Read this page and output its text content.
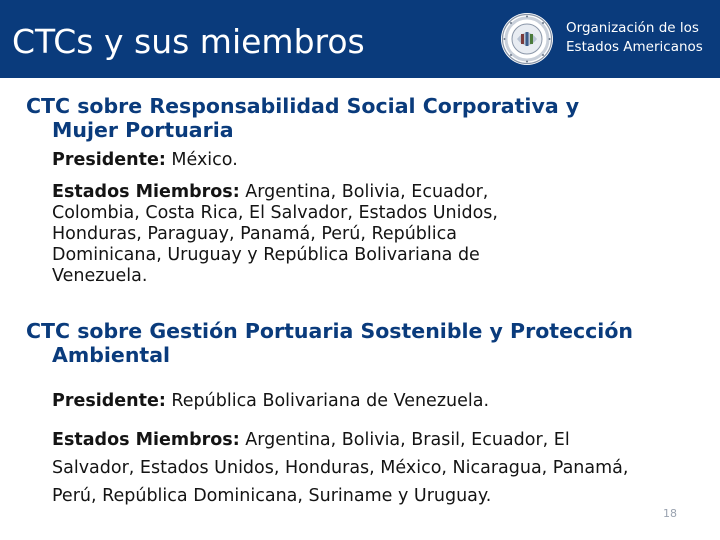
CTCs y sus miembros	Organización de los
Estados Americanos
CTC sobre Responsabilidad Social Corporativa y Mujer Portuaria

Presidente: México.

Estados Miembros: Argentina, Bolivia, Ecuador, Colombia, Costa Rica, El Salvador, Estados Unidos, Honduras, Paraguay, Panamá, Perú, República Dominicana, Uruguay y República Bolivariana de Venezuela.

CTC sobre Gestión Portuaria Sostenible y Protección Ambiental

Presidente: República Bolivariana de Venezuela.

Estados Miembros: Argentina, Bolivia, Brasil, Ecuador, El Salvador, Estados Unidos, Honduras, México, Nicaragua, Panamá, Perú, República Dominicana, Suriname y Uruguay.

18
